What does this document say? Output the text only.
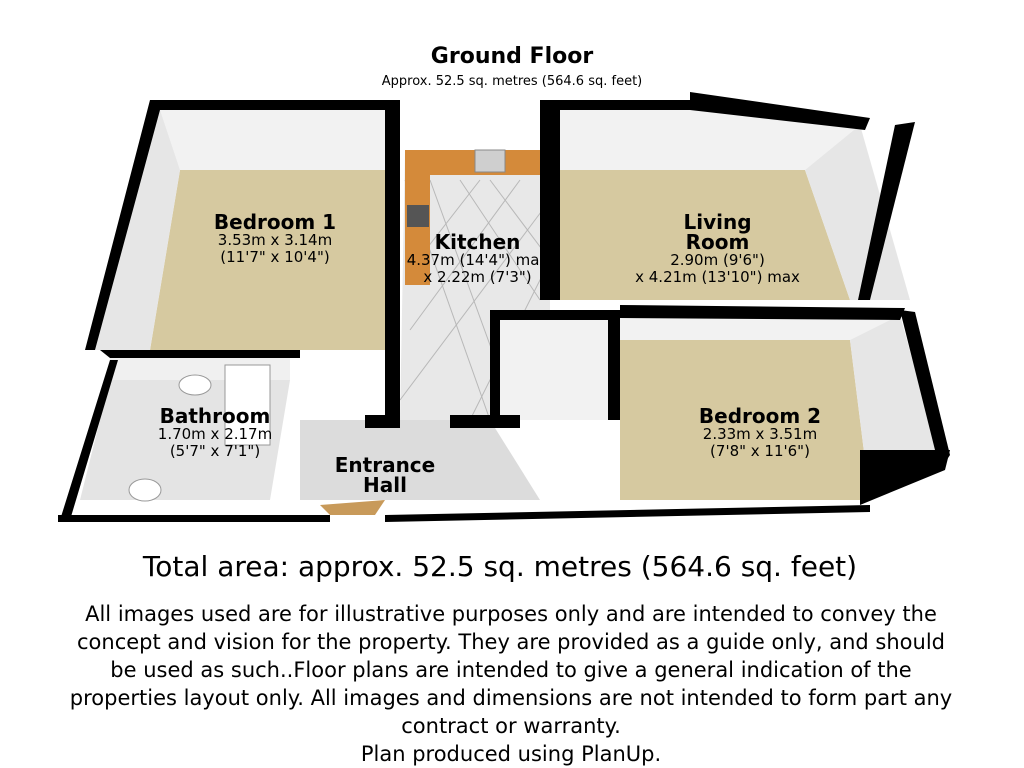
Ground Floor
Approx. 52.5 sq. metres (564.6 sq. feet)
Bedroom 1
3.53m x 3.14m
(11'7" x 10'4")
Kitchen
4.37m (14'4") max
x 2.22m (7'3")
Living
Room
2.90m (9'6")
x 4.21m (13'10") max
Bathroom
1.70m x 2.17m
(5'7" x 7'1")
Entrance
Hall
Bedroom 2
2.33m x 3.51m
(7'8" x 11'6")
Total area: approx. 52.5 sq. metres (564.6 sq. feet)
All images used are for illustrative purposes only and are intended to convey the
concept and vision for the property. They are provided as a guide only, and should
be used as such..Floor plans are intended to give a general indication of the
properties layout only. All images and dimensions are not intended to form part any
contract or warranty.
Plan produced using PlanUp.
